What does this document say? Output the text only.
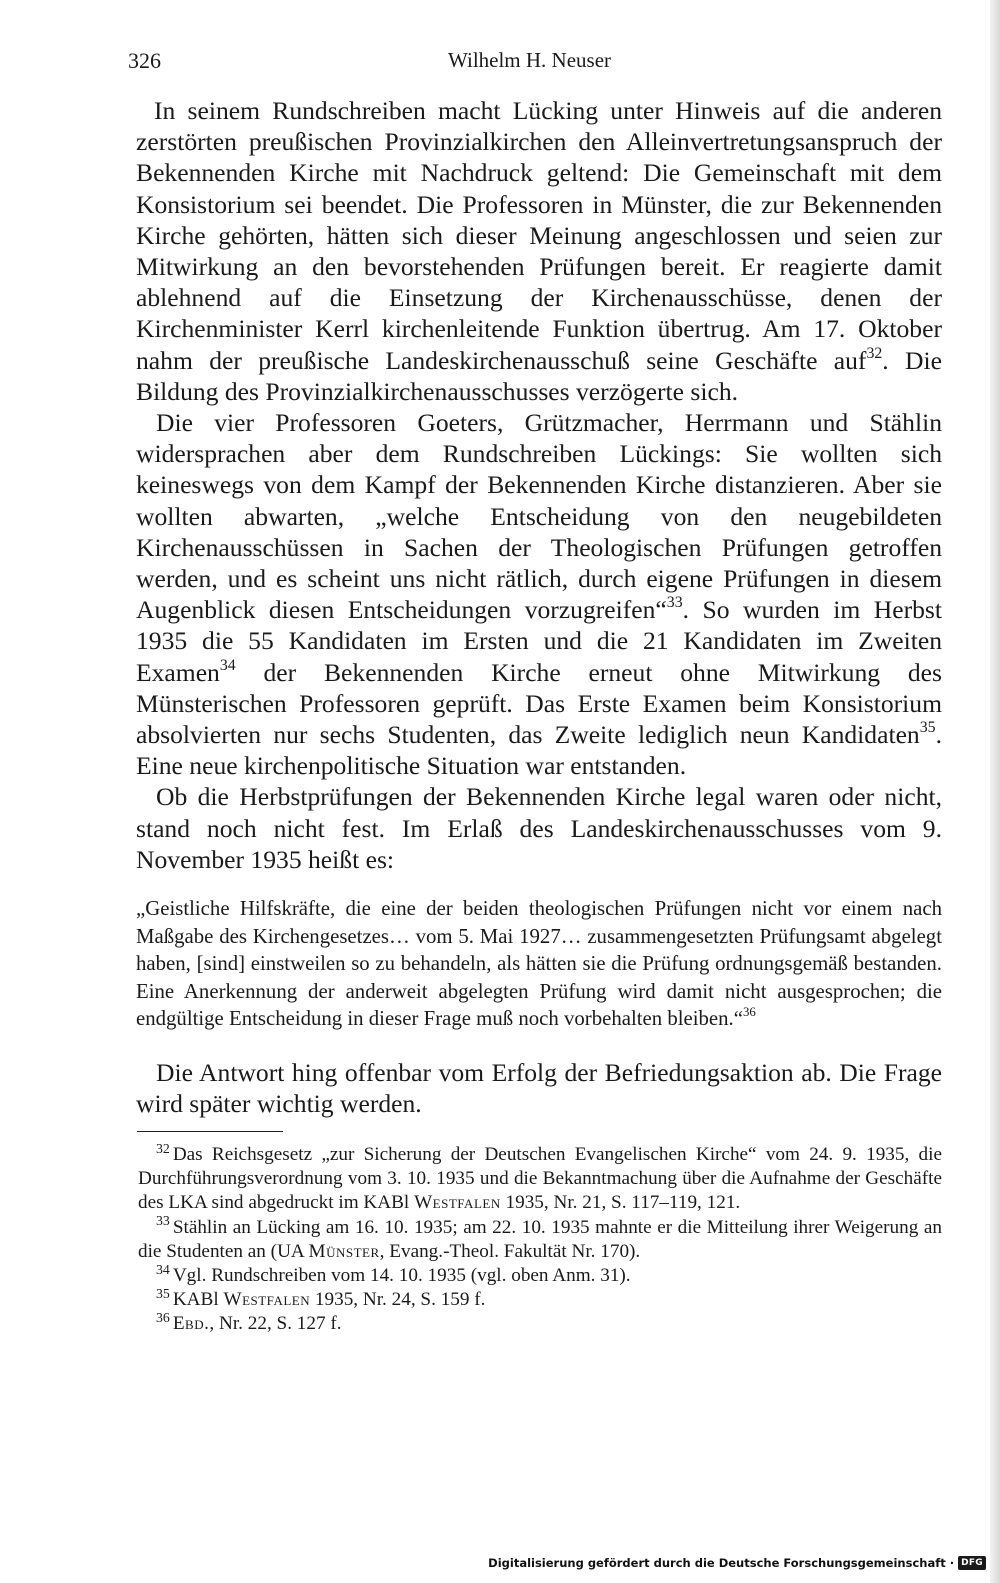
326	Wilhelm H. Neuser

In seinem Rundschreiben macht Lücking unter Hinweis auf die anderen zerstörten preußischen Provinzialkirchen den Alleinvertretungsanspruch der Bekennenden Kirche mit Nachdruck geltend: Die Gemeinschaft mit dem Konsistorium sei beendet. Die Professoren in Münster, die zur Bekennenden Kirche gehörten, hätten sich dieser Meinung angeschlossen und seien zur Mitwirkung an den bevorstehenden Prüfungen bereit. Er reagierte damit ablehnend auf die Einsetzung der Kirchenausschüsse, denen der Kirchenminister Kerrl kirchenleitende Funktion übertrug. Am 17. Oktober nahm der preußische Landeskirchenausschuß seine Geschäfte auf$^{32}$. Die Bildung des Provinzialkirchenausschusses verzögerte sich.

Die vier Professoren Goeters, Grützmacher, Herrmann und Stählin widersprachen aber dem Rundschreiben Lückings: Sie wollten sich keineswegs von dem Kampf der Bekennenden Kirche distanzieren. Aber sie wollten abwarten, „welche Entscheidung von den neugebildeten Kirchenausschüssen in Sachen der Theologischen Prüfungen getroffen werden, und es scheint uns nicht rätlich, durch eigene Prüfungen in diesem Augenblick diesen Entscheidungen vorzugreifen“$^{33}$. So wurden im Herbst 1935 die 55 Kandidaten im Ersten und die 21 Kandidaten im Zweiten Examen$^{34}$ der Bekennenden Kirche erneut ohne Mitwirkung des Münsterischen Professoren geprüft. Das Erste Examen beim Konsistorium absolvierten nur sechs Studenten, das Zweite lediglich neun Kandidaten$^{35}$. Eine neue kirchenpolitische Situation war entstanden.

Ob die Herbstprüfungen der Bekennenden Kirche legal waren oder nicht, stand noch nicht fest. Im Erlaß des Landeskirchenausschusses vom 9. November 1935 heißt es:

„Geistliche Hilfskräfte, die eine der beiden theologischen Prüfungen nicht vor einem nach Maßgabe des Kirchengesetzes… vom 5. Mai 1927… zusammengesetzten Prüfungsamt abgelegt haben, [sind] einstweilen so zu behandeln, als hätten sie die Prüfung ordnungsgemäß bestanden. Eine Anerkennung der anderweit abgelegten Prüfung wird damit nicht ausgesprochen; die endgültige Entscheidung in dieser Frage muß noch vorbehalten bleiben.“$^{36}$

Die Antwort hing offenbar vom Erfolg der Befriedungsaktion ab. Die Frage wird später wichtig werden.

$^{32}$ Das Reichsgesetz „zur Sicherung der Deutschen Evangelischen Kirche“ vom 24. 9. 1935, die Durchführungsverordnung vom 3. 10. 1935 und die Bekanntmachung über die Aufnahme der Geschäfte des LKA sind abgedruckt im KABl Westfalen 1935, Nr. 21, S. 117–119, 121.

$^{33}$ Stählin an Lücking am 16. 10. 1935; am 22. 10. 1935 mahnte er die Mitteilung ihrer Weigerung an die Studenten an (UA Münster, Evang.-Theol. Fakultät Nr. 170).

$^{34}$ Vgl. Rundschreiben vom 14. 10. 1935 (vgl. oben Anm. 31).

$^{35}$ KABl Westfalen 1935, Nr. 24, S. 159 f.

$^{36}$ Ebd., Nr. 22, S. 127 f.

Digitalisierung gefördert durch die Deutsche Forschungsgemeinschaft · DFG
